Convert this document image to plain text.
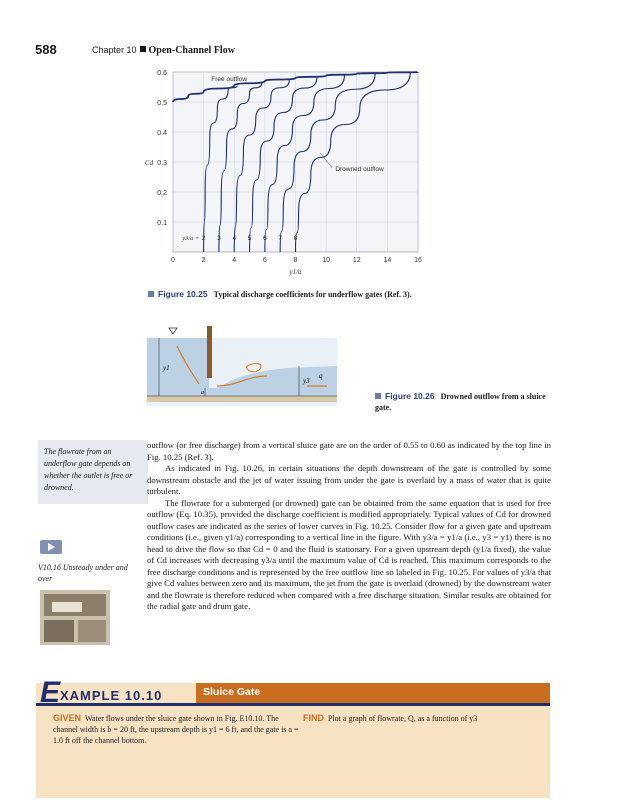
588	Chapter 10 Open-Channel Flow
0.1
0.2
0.3
0.4
0.5
0.6
0	2	4	6	8	10	12	14	16
Cd
y1/a
Free outflow
Drowned outflow
y3/a = 2 3 4 5 6 7 8
Figure 10.25 Typical discharge coefficients for underflow gates (Ref. 3).
y1
y3
a
q
Figure 10.26 Drowned outflow from a sluice gate.
The flowrate from an underflow gate depends on whether the outlet is free or drowned.
V10.16 Unsteady under and over

outflow (or free discharge) from a vertical sluice gate are on the order of 0.55 to 0.60 as indicated by the top line in Fig. 10.25 (Ref. 3).

As indicated in Fig. 10.26, in certain situations the depth downstream of the gate is controlled by some downstream obstacle and the jet of water issuing from under the gate is overlaid by a mass of water that is quite turbulent.

The flowrate for a submerged (or drowned) gate can be obtained from the same equation that is used for free outflow (Eq. 10.35), provided the discharge coefficient is modified appropriately. Typical values of Cd for drowned outflow cases are indicated as the series of lower curves in Fig. 10.25. Consider flow for a given gate and upstream conditions (i.e., given y1/a) corresponding to a vertical line in the figure. With y3/a = y1/a (i.e., y3 = y1) there is no head to drive the flow so that Cd = 0 and the fluid is stationary. For a given upstream depth (y1/a fixed), the value of Cd increases with decreasing y3/a until the maximum value of Cd is reached. This maximum corresponds to the free discharge conditions and is represented by the free outflow line so labeled in Fig. 10.25. For values of y3/a that give Cd values between zero and its maximum, the jet from the gate is overlaid (drowned) by the downstream water and the flowrate is therefore reduced when compared with a free discharge situation. Similar results are obtained for the radial gate and drum gate.

E XAMPLE 10.10	Sluice Gate
GIVEN Water flows under the sluice gate shown in Fig. E10.10. The channel width is b = 20 ft, the upstream depth is y1 = 6 ft, and the gate is a = 1.0 ft off the channel bottom.
FIND Plot a graph of flowrate, Q, as a function of y3
